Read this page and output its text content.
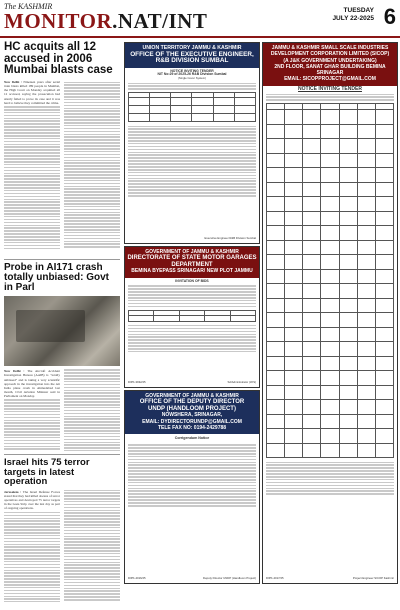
The KASHMIR
MONITOR.NAT/INT	TUESDAY
JULY 22-2025 6
HC acquits all 12 accused in 2006 Mumbai blasts case
New Delhi : Nineteen years after serial train blasts killed 189 people in Mumbai, the High Court on Monday acquitted all 12 accused, saying the prosecution had utterly failed to prove its case and it was hard to believe they committed the crime.
Probe in AI171 crash totally unbiased: Govt in Parl
New Delhi : The Aircraft Accident Investigation Bureau (AAIB) is "totally unbiased" and is taking a very scientific approach in the investigation into the Air India plane crash in Ahmedabad last month, Civil Aviation Minister said in Parliament on Monday.
Israel hits 75 terror targets in latest operation
Jerusalem : The Israel Defense Forces stated that they had killed dozens of terror operatives and destroyed 75 terror targets in the Gaza Strip over the last day as part of ongoing operations.
UNION TERRITORY JAMMU & KASHMIR
OFFICE OF THE EXECUTIVE ENGINEER,
R&B DIVISION SUMBAL
NOTICE INVITING TENDER
NIT No:29 of 2025-26 R&B Division Sumbal
(Single Cover System)

Executive Engineer R&B Division Sumbal
GOVERNMENT OF JAMMU & KASHMIR
DIRECTORATE OF STATE MOTOR GARAGES DEPARTMENT
BEMINA BYEPASS SRINAGAR/ NEW PLOT JAMMU
INVITATION OF BIDS

DIPK-3932/25	Sd/Administrator (JKS)
GOVERNMENT OF JAMMU & KASHMIR
OFFICE OF THE DEPUTY DIRECTOR
UNDP (HANDLOOM PROJECT)
NOWSHERA, SRINAGAR,
EMAIL: DYDIRECTORUNDP@GMAIL.COM
TELE FAX NO: 0194-2429788
Corrigendum Notice
DIPK-4016/25	Deputy Director UNDP (Handloom Project)
JAMMU & KASHMIR SMALL SCALE INDUSTRIES
DEVELOPMENT CORPORATION LIMITED (SICOP)
(A J&K GOVERNMENT UNDERTAKING)
2ND FLOOR, SANAT GHAR BUILDING BEMINA SRINAGAR
EMAIL: SICOPPROJECT@GMAIL.COM
NOTICE INVITING TENDER

DIPK-4017/25	Project Engineer SICOP Kashmir
